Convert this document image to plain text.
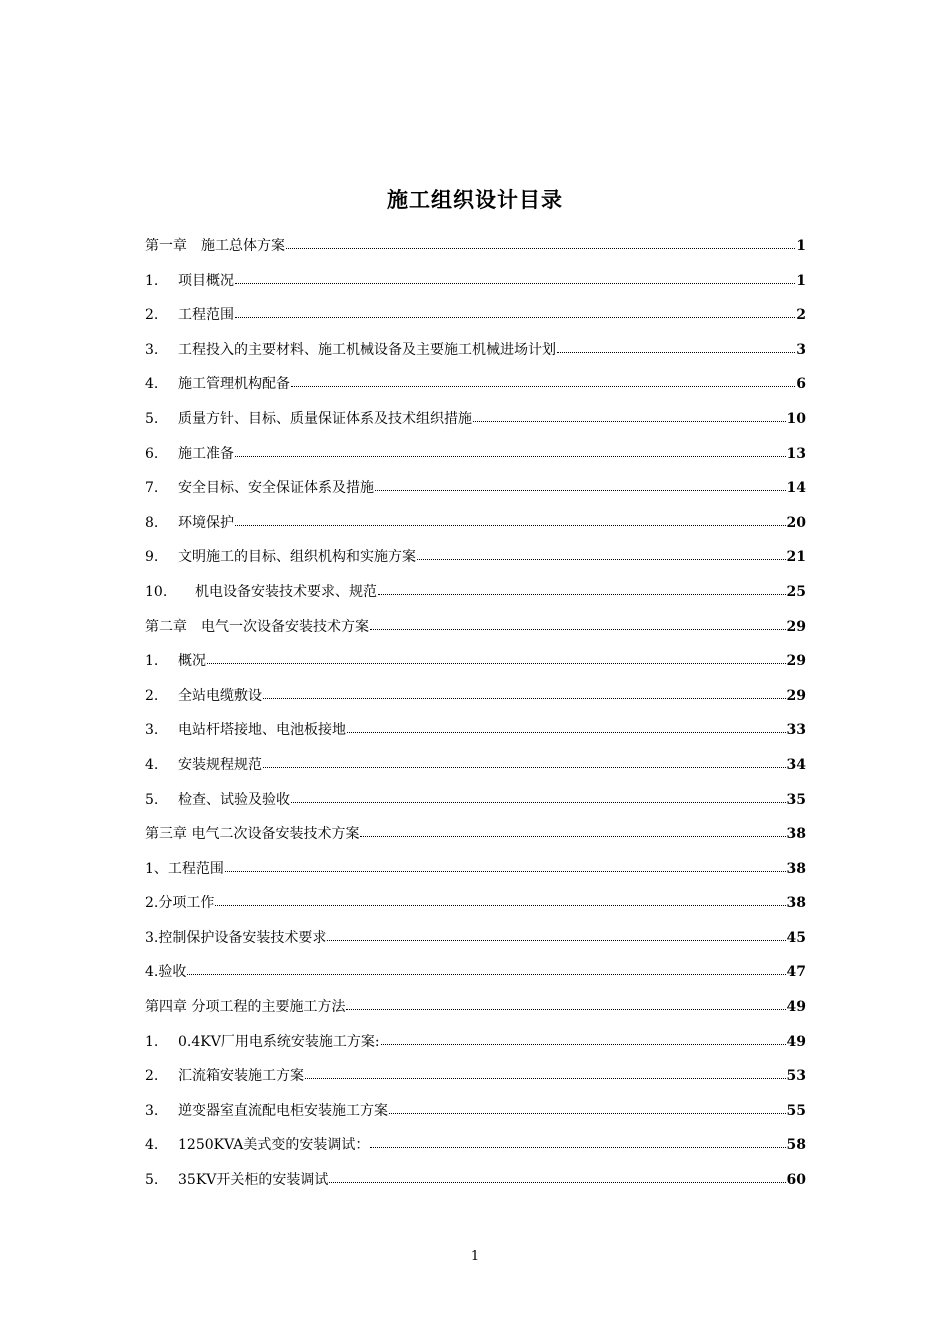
施工组织设计目录
第一章　施工总体方案	1
1.	项目概况	1
2.	工程范围	2
3.	工程投入的主要材料、施工机械设备及主要施工机械进场计划	3
4.	施工管理机构配备	6
5.	质量方针、目标、质量保证体系及技术组织措施	10
6.	施工准备	13
7.	安全目标、安全保证体系及措施	14
8.	环境保护	20
9.	文明施工的目标、组织机构和实施方案	21
10.	机电设备安装技术要求、规范	25
第二章　电气一次设备安装技术方案	29
1.	概况	29
2.	全站电缆敷设	29
3.	电站杆塔接地、电池板接地	33
4.	安装规程规范	34
5.	检查、试验及验收	35
第三章 电气二次设备安装技术方案	38
1、工程范围	38
2.分项工作	38
3.控制保护设备安装技术要求	45
4.验收	47
第四章 分项工程的主要施工方法	49
1.	0.4KV厂用电系统安装施工方案:	49
2.	汇流箱安装施工方案	53
3.	逆变器室直流配电柜安装施工方案	55
4.	1250KVA美式变的安装调试：	58
5.	35KV开关柜的安装调试	60
1
